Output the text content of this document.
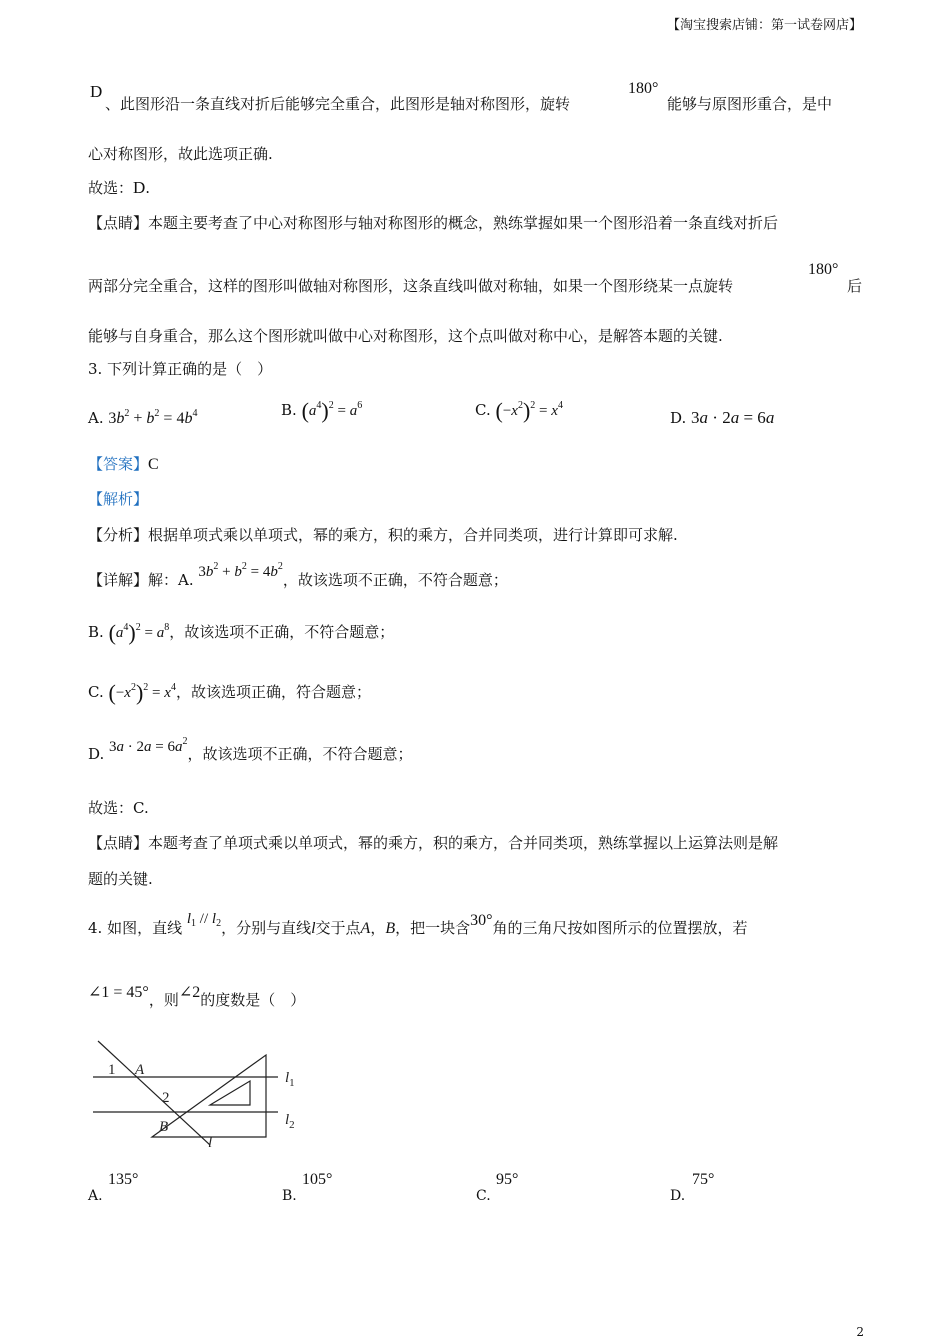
【淘宝搜索店铺：第一试卷网店】
D
、此图形沿一条直线对折后能够完全重合，此图形是轴对称图形，旋转
180°
能够与原图形重合，是中
心对称图形，故此选项正确.
故选：D.
【点睛】本题主要考查了中心对称图形与轴对称图形的概念，熟练掌握如果一个图形沿着一条直线对折后
两部分完全重合，这样的图形叫做轴对称图形，这条直线叫做对称轴，如果一个图形绕某一点旋转
180°
后
能够与自身重合，那么这个图形就叫做中心对称图形，这个点叫做对称中心，是解答本题的关键.
3. 下列计算正确的是（　）
A. $3b^2 + b^2 = 4b^4$	B. $(a^4)^2 = a^6$	C. $(-x^2)^2 = x^4$
D. 3a · 2a = 6a
【答案】C
【解析】
【分析】根据单项式乘以单项式，幂的乘方，积的乘方，合并同类项，进行计算即可求解.
【详解】解：A. $3b^2 + b^2 = 4b^2$，故该选项不正确，不符合题意；
B. $(a^4)^2 = a^8$，故该选项不正确，不符合题意；
C. $(-x^2)^2 = x^4$，故该选项正确，符合题意；
D. $3a \cdot 2a = 6a^2$，故该选项不正确，不符合题意；
故选：C.
【点睛】本题考查了单项式乘以单项式，幂的乘方，积的乘方，合并同类项，熟练掌握以上运算法则是解
题的关键.
4. 如图，直线 $l_1 // l_2$，分别与直线l交于点A，B，把一块含30°角的三角尺按如图所示的位置摆放，若
∠1 = 45°，则∠2的度数是（　）
1 A
2
B
$l_1$
$l_2$
l
A.
135°
B.
105°
C.
95°
D.
75°
2
